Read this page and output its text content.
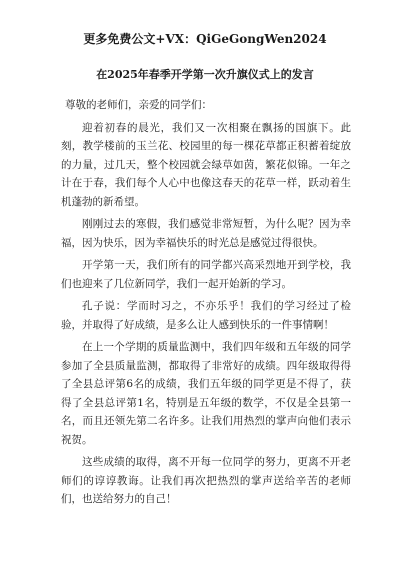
更多免费公文+VX：QiGeGongWen2024
在2025年春季开学第一次升旗仪式上的发言

尊敬的老师们，亲爱的同学们：

迎着初春的晨光，我们又一次相聚在飘扬的国旗下。此刻，教学楼前的玉兰花、校园里的每一棵花草都正积蓄着绽放的力量，过几天，整个校园就会绿草如茵，繁花似锦。一年之计在于春，我们每个人心中也像这春天的花草一样，跃动着生机蓬勃的新希望。

刚刚过去的寒假，我们感觉非常短暂，为什么呢？因为幸福，因为快乐，因为幸福快乐的时光总是感觉过得很快。

开学第一天，我们所有的同学都兴高采烈地开到学校，我们也迎来了几位新同学，我们一起开始新的学习。

孔子说：学而时习之，不亦乐乎！我们的学习经过了检验，并取得了好成绩，是多么让人感到快乐的一件事情啊！

在上一个学期的质量监测中，我们四年级和五年级的同学参加了全县质量监测，都取得了非常好的成绩。四年级取得得了全县总评第6名的成绩，我们五年级的同学更是不得了，获得了全县总评第1名，特别是五年级的数学，不仅是全县第一名，而且还领先第二名许多。让我们用热烈的掌声向他们表示祝贺。

这些成绩的取得，离不开每一位同学的努力，更离不开老师们的谆谆教诲。让我们再次把热烈的掌声送给辛苦的老师们，也送给努力的自己！
